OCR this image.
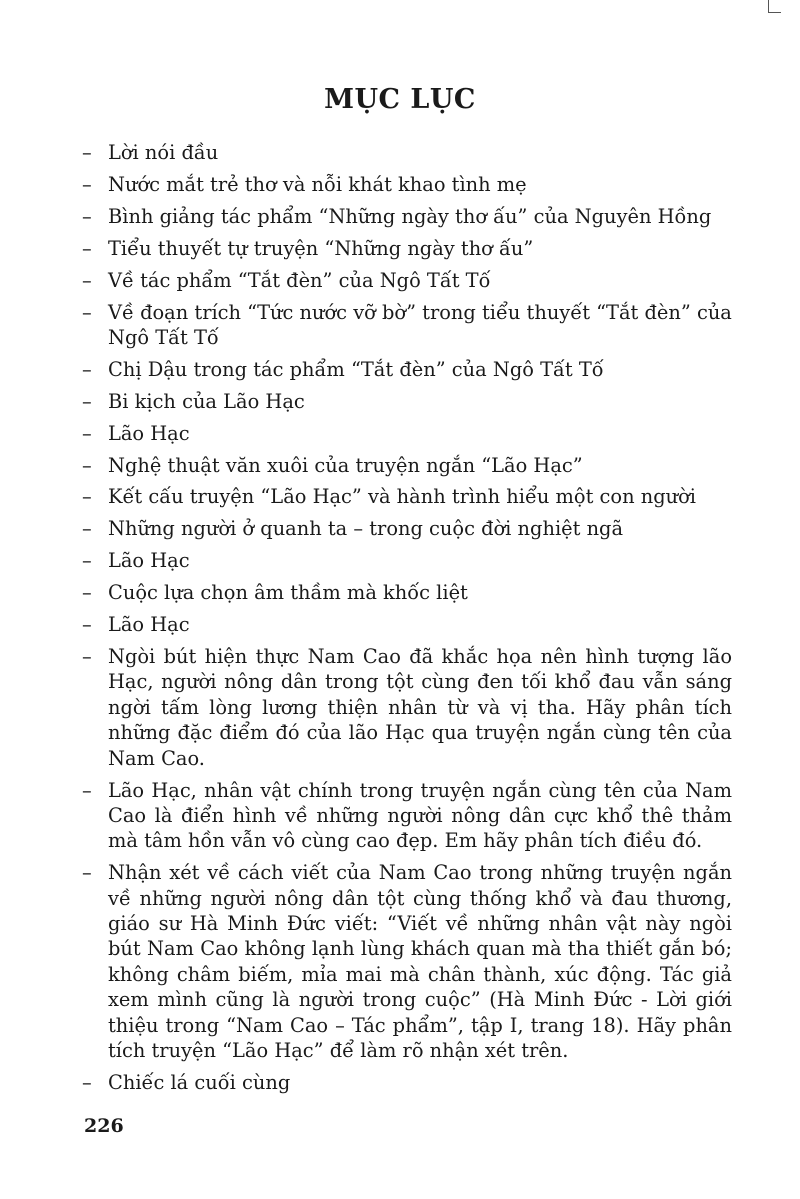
MỤC LỤC
– Lời nói đầu
– Nước mắt trẻ thơ và nỗi khát khao tình mẹ
– Bình giảng tác phẩm “Những ngày thơ ấu” của Nguyên Hồng
– Tiểu thuyết tự truyện “Những ngày thơ ấu”
– Về tác phẩm “Tắt đèn” của Ngô Tất Tố
– Về đoạn trích “Tức nước vỡ bờ” trong tiểu thuyết “Tắt đèn” của Ngô Tất Tố
– Chị Dậu trong tác phẩm “Tắt đèn” của Ngô Tất Tố
– Bi kịch của Lão Hạc
– Lão Hạc
– Nghệ thuật văn xuôi của truyện ngắn “Lão Hạc”
– Kết cấu truyện “Lão Hạc” và hành trình hiểu một con người
– Những người ở quanh ta – trong cuộc đời nghiệt ngã
– Lão Hạc
– Cuộc lựa chọn âm thầm mà khốc liệt
– Lão Hạc
– Ngòi bút hiện thực Nam Cao đã khắc họa nên hình tượng lão Hạc, người nông dân trong tột cùng đen tối khổ đau vẫn sáng ngời tấm lòng lương thiện nhân từ và vị tha. Hãy phân tích những đặc điểm đó của lão Hạc qua truyện ngắn cùng tên của Nam Cao.
– Lão Hạc, nhân vật chính trong truyện ngắn cùng tên của Nam Cao là điển hình về những người nông dân cực khổ thê thảm mà tâm hồn vẫn vô cùng cao đẹp. Em hãy phân tích điều đó.
– Nhận xét về cách viết của Nam Cao trong những truyện ngắn về những người nông dân tột cùng thống khổ và đau thương, giáo sư Hà Minh Đức viết: “Viết về những nhân vật này ngòi bút Nam Cao không lạnh lùng khách quan mà tha thiết gắn bó; không châm biếm, mỉa mai mà chân thành, xúc động. Tác giả xem mình cũng là người trong cuộc” (Hà Minh Đức - Lời giới thiệu trong “Nam Cao – Tác phẩm”, tập I, trang 18). Hãy phân tích truyện “Lão Hạc” để làm rõ nhận xét trên.
– Chiếc lá cuối cùng

226
